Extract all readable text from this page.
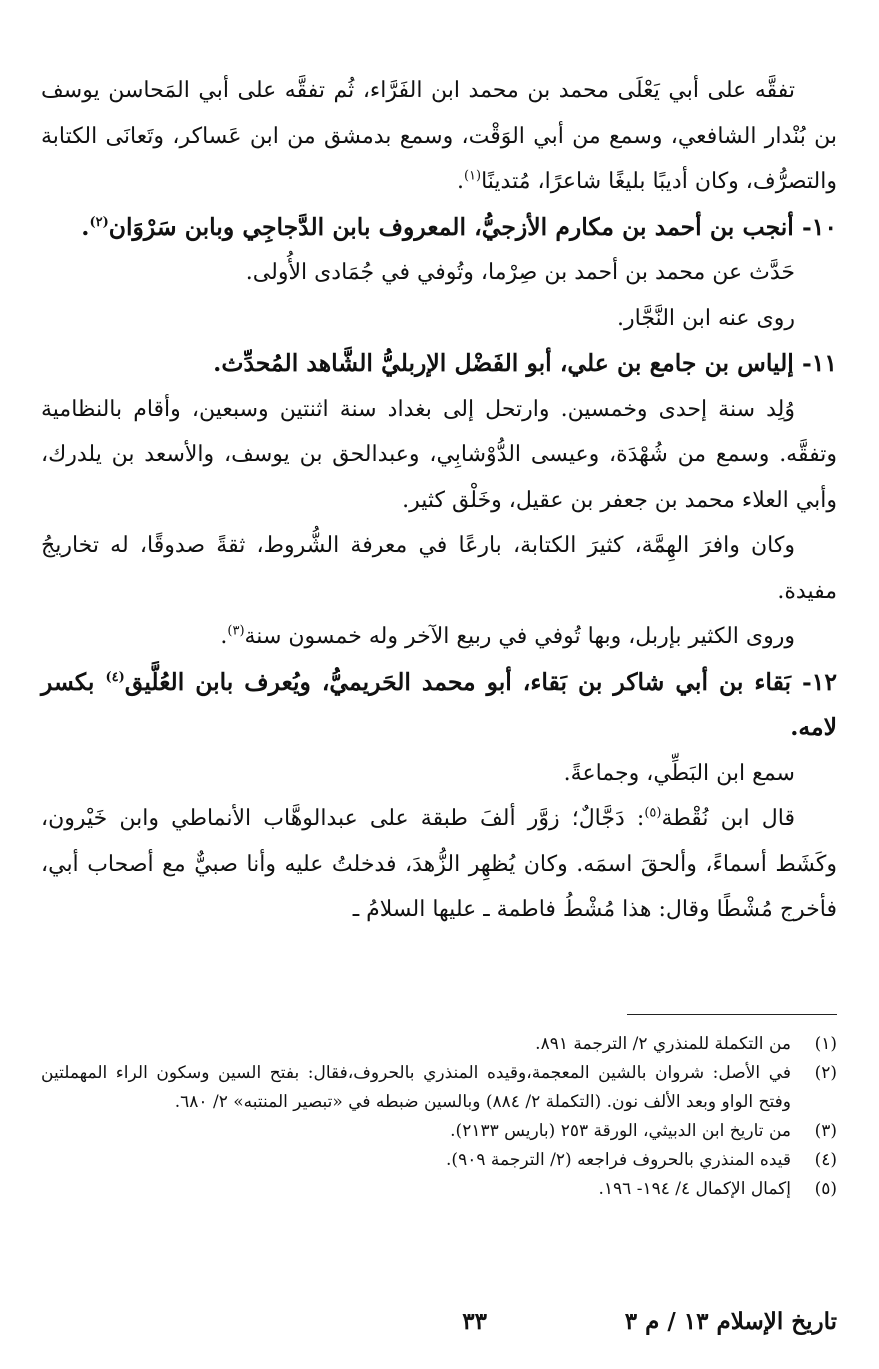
تفقَّه على أبي يَعْلَى محمد بن محمد ابن الفَرَّاء، ثُم تفقَّه على أبي المَحاسن يوسف بن بُنْدار الشافعي، وسمع من أبي الوَقْت، وسمع بدمشق من ابن عَساكر، وتَعانَى الكتابة والتصرُّف، وكان أديبًا بليغًا شاعرًا، مُتدينًا$^{(١)}$.

١٠- أنجب بن أحمد بن مكارم الأزجيُّ، المعروف بابن الدَّجاجِي وبابن سَرْوَان$^{(٢)}$.

حَدَّث عن محمد بن أحمد بن صِرْما، وتُوفي في جُمَادى الأُولى.

روى عنه ابن النَّجَّار.

١١- إلياس بن جامع بن علي، أبو الفَضْل الإربليُّ الشَّاهد المُحدِّث.

وُلِد سنة إحدى وخمسين. وارتحل إلى بغداد سنة اثنتين وسبعين، وأقام بالنظامية وتفقَّه. وسمع من شُهْدَة، وعيسى الدُّوْشابِي، وعبدالحق بن يوسف، والأسعد بن يلدرك، وأبي العلاء محمد بن جعفر بن عقيل، وخَلْق كثير.

وكان وافرَ الهِمَّة، كثيرَ الكتابة، بارعًا في معرفة الشُّروط، ثقةً صدوقًا، له تخاريجُ مفيدة.

وروى الكثير بإربل، وبها تُوفي في ربيع الآخر وله خمسون سنة$^{(٣)}$.

١٢- بَقاء بن أبي شاكر بن بَقاء، أبو محمد الحَريميُّ، ويُعرف بابن العُلَّيق$^{(٤)}$ بكسر لامه.

سمع ابن البَطِّي، وجماعةً.

قال ابن نُقْطة$^{(٥)}$: دَجَّالٌ؛ زوَّر ألفَ طبقة على عبدالوهَّاب الأنماطي وابن خَيْرون، وكَشَط أسماءً، وألحقَ اسمَه. وكان يُظهِر الزُّهدَ، فدخلتُ عليه وأنا صبيٌّ مع أصحاب أبي، فأخرج مُشْطًا وقال: هذا مُشْطُ فاطمة ـ عليها السلامُ ـ

(١)
من التكملة للمنذري ٢/ الترجمة ٨٩١.
(٢)
في الأصل: شروان بالشين المعجمة،وقيده المنذري بالحروف،فقال: بفتح السين وسكون الراء المهملتين وفتح الواو وبعد الألف نون. (التكملة ٢/ ٨٨٤) وبالسين ضبطه في «تبصير المنتبه» ٢/ ٦٨٠.
(٣)
من تاريخ ابن الدبيثي، الورقة ٢٥٣ (باريس ٢١٣٣).
(٤)
قيده المنذري بالحروف فراجعه (٢/ الترجمة ٩٠٩).
(٥)
إكمال الإكمال ٤/ ١٩٤- ١٩٦.
تاريخ الإسلام ١٣ / م ٣
٣٣
